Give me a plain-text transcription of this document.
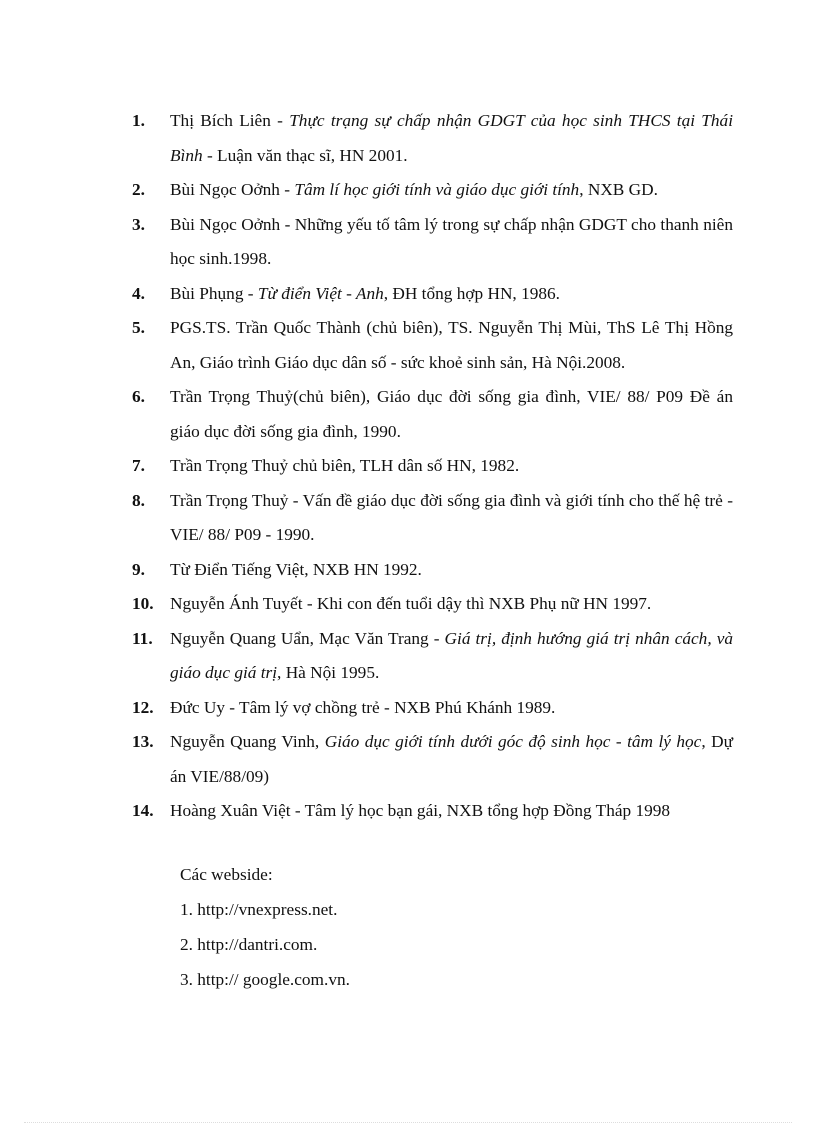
1. Thị Bích Liên - Thực trạng sự chấp nhận GDGT của học sinh THCS tại Thái Bình - Luận văn thạc sĩ, HN 2001.
2. Bùi Ngọc Oởnh - Tâm lí học giới tính và giáo dục giới tính, NXB GD.
3. Bùi Ngọc Oởnh - Những yếu tố tâm lý trong sự chấp nhận GDGT cho thanh niên học sinh.1998.
4. Bùi Phụng - Từ điển Việt - Anh, ĐH tổng hợp HN, 1986.
5. PGS.TS. Trần Quốc Thành (chủ biên), TS. Nguyễn Thị Mùi, ThS Lê Thị Hồng An, Giáo trình Giáo dục dân số - sức khoẻ sinh sản, Hà Nội.2008.
6. Trần Trọng Thuỷ(chủ biên), Giáo dục đời sống gia đình, VIE/ 88/ P09 Đề án giáo dục đời sống gia đình, 1990.
7. Trần Trọng Thuỷ chủ biên, TLH dân số HN, 1982.
8. Trần Trọng Thuỷ - Vấn đề giáo dục đời sống gia đình và giới tính cho thế hệ trẻ - VIE/ 88/ P09 - 1990.
9. Từ Điển Tiếng Việt, NXB HN 1992.
10. Nguyễn Ánh Tuyết - Khi con đến tuổi dậy thì NXB Phụ nữ HN 1997.
11. Nguyễn Quang Uẩn, Mạc Văn Trang - Giá trị, định hướng giá trị nhân cách, và giáo dục giá trị, Hà Nội 1995.
12. Đức Uy - Tâm lý vợ chồng trẻ - NXB Phú Khánh 1989.
13. Nguyễn Quang Vinh, Giáo dục giới tính dưới góc độ sinh học - tâm lý học, Dự án VIE/88/09)
14. Hoàng Xuân Việt - Tâm lý học bạn gái, NXB tổng hợp Đồng Tháp 1998
Các webside:
1. http://vnexpress.net.
2. http://dantri.com.
3. http:// google.com.vn.
